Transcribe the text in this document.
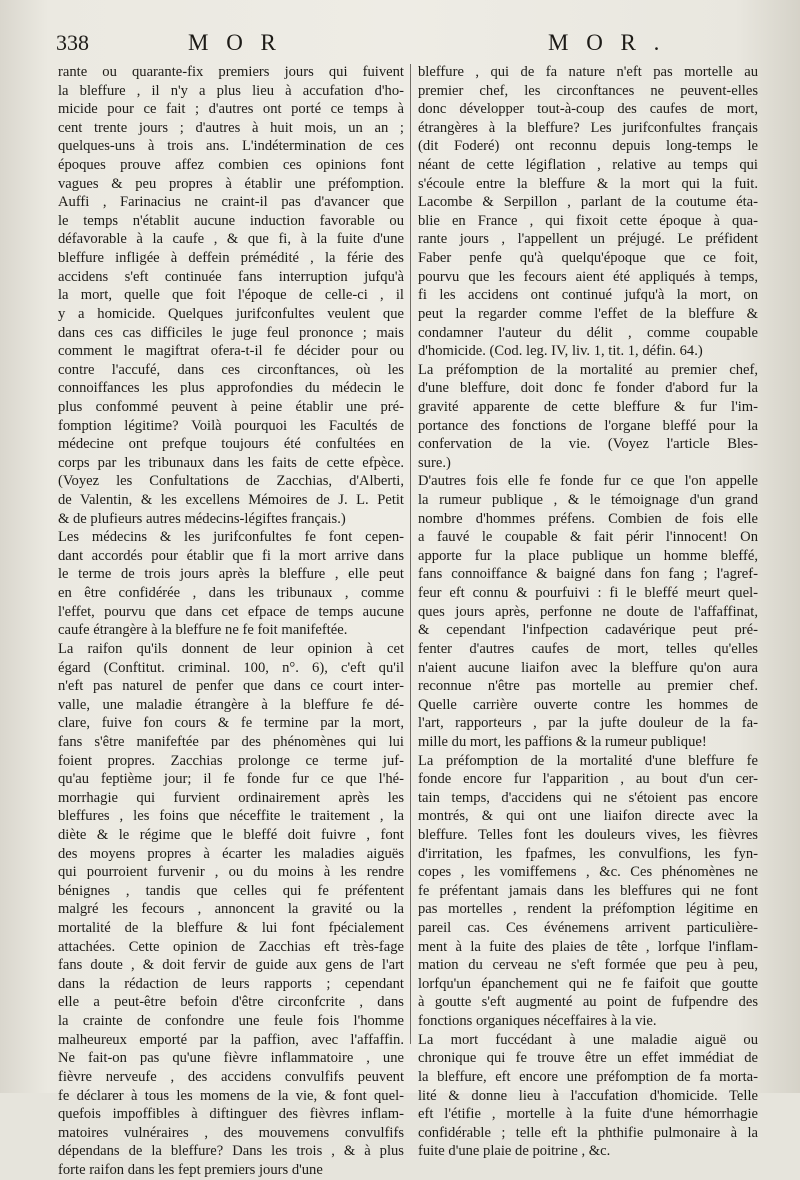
338	M O R	M O R .
rante ou quarante-fix premiers jours qui fuivent
la bleffure , il n'y a plus lieu à accufation d'ho-
micide pour ce fait ; d'autres ont porté ce temps à
cent trente jours ; d'autres à huit mois, un an ;
quelques-uns à trois ans. L'indétermination de ces
époques prouve affez combien ces opinions font
vagues & peu propres à établir une préfomption.
Auffi , Farinacius ne craint-il pas d'avancer que
le temps n'établit aucune induction favorable ou
défavorable à la caufe , & que fi, à la fuite d'une
bleffure infligée à deffein prémédité , la férie des
accidens s'eft continuée fans interruption jufqu'à
la mort, quelle que foit l'époque de celle-ci , il
y a homicide. Quelques jurifconfultes veulent que
dans ces cas difficiles le juge feul prononce ; mais
comment le magiftrat ofera-t-il fe décider pour ou
contre l'accufé, dans ces circonftances, où les
connoiffances les plus approfondies du médecin le
plus confommé peuvent à peine établir une pré-
fomption légitime? Voilà pourquoi les Facultés de
médecine ont prefque toujours été confultées en
corps par les tribunaux dans les faits de cette efpèce.
(Voyez les Confultations de Zacchias, d'Alberti,
de Valentin, & les excellens Mémoires de J. L. Petit
& de plufieurs autres médecins-légiftes français.)
Les médecins & les jurifconfultes fe font cepen-
dant accordés pour établir que fi la mort arrive dans
le terme de trois jours après la bleffure , elle peut
en être confidérée , dans les tribunaux , comme
l'effet, pourvu que dans cet efpace de temps aucune
caufe étrangère à la bleffure ne fe foit manifeftée.
La raifon qu'ils donnent de leur opinion à cet
égard (Conftitut. criminal. 100, n°. 6), c'eft qu'il
n'eft pas naturel de penfer que dans ce court inter-
valle, une maladie étrangère à la bleffure fe dé-
clare, fuive fon cours & fe termine par la mort,
fans s'être manifeftée par des phénomènes qui lui
foient propres. Zacchias prolonge ce terme juf-
qu'au feptième jour; il fe fonde fur ce que l'hé-
morrhagie qui furvient ordinairement après les
bleffures , les foins que néceffite le traitement , la
diète & le régime que le bleffé doit fuivre , font
des moyens propres à écarter les maladies aiguës
qui pourroient furvenir , ou du moins à les rendre
bénignes , tandis que celles qui fe préfentent
malgré les fecours , annoncent la gravité ou la
mortalité de la bleffure & lui font fpécialement
attachées. Cette opinion de Zacchias eft très-fage
fans doute , & doit fervir de guide aux gens de l'art
dans la rédaction de leurs rapports ; cependant
elle a peut-être befoin d'être circonfcrite , dans
la crainte de confondre une feule fois l'homme
malheureux emporté par la paffion, avec l'affaffin.
Ne fait-on pas qu'une fièvre inflammatoire , une
fièvre nerveufe , des accidens convulfifs peuvent
fe déclarer à tous les momens de la vie, & font quel-
quefois impoffibles à diftinguer des fièvres inflam-
matoires vulnéraires , des mouvemens convulfifs
dépendans de la bleffure? Dans les trois , & à plus
forte raifon dans les fept premiers jours d'une
bleffure , qui de fa nature n'eft pas mortelle au
premier chef, les circonftances ne peuvent-elles
donc développer tout-à-coup des caufes de mort,
étrangères à la bleffure? Les jurifconfultes français
(dit Foderé) ont reconnu depuis long-temps le
néant de cette légiflation , relative au temps qui
s'écoule entre la bleffure & la mort qui la fuit.
Lacombe & Serpillon , parlant de la coutume éta-
blie en France , qui fixoit cette époque à qua-
rante jours , l'appellent un préjugé. Le préfident
Faber penfe qu'à quelqu'époque que ce foit,
pourvu que les fecours aient été appliqués à temps,
fi les accidens ont continué jufqu'à la mort, on
peut la regarder comme l'effet de la bleffure &
condamner l'auteur du délit , comme coupable
d'homicide. (Cod. leg. IV, liv. 1, tit. 1, défin. 64.)
La préfomption de la mortalité au premier chef,
d'une bleffure, doit donc fe fonder d'abord fur la
gravité apparente de cette bleffure & fur l'im-
portance des fonctions de l'organe bleffé pour la
confervation de la vie. (Voyez l'article Bles-
sure.)
D'autres fois elle fe fonde fur ce que l'on appelle
la rumeur publique , & le témoignage d'un grand
nombre d'hommes préfens. Combien de fois elle
a fauvé le coupable & fait périr l'innocent! On
apporte fur la place publique un homme bleffé,
fans connoiffance & baigné dans fon fang ; l'agref-
feur eft connu & pourfuivi : fi le bleffé meurt quel-
ques jours après, perfonne ne doute de l'affaffinat,
& cependant l'infpection cadavérique peut pré-
fenter d'autres caufes de mort, telles qu'elles
n'aient aucune liaifon avec la bleffure qu'on aura
reconnue n'être pas mortelle au premier chef.
Quelle carrière ouverte contre les hommes de
l'art, rapporteurs , par la jufte douleur de la fa-
mille du mort, les paffions & la rumeur publique!
La préfomption de la mortalité d'une bleffure fe
fonde encore fur l'apparition , au bout d'un cer-
tain temps, d'accidens qui ne s'étoient pas encore
montrés, & qui ont une liaifon directe avec la
bleffure. Telles font les douleurs vives, les fièvres
d'irritation, les fpafmes, les convulfions, les fyn-
copes , les vomiffemens , &c. Ces phénomènes ne
fe préfentant jamais dans les bleffures qui ne font
pas mortelles , rendent la préfomption légitime en
pareil cas. Ces événemens arrivent particulière-
ment à la fuite des plaies de tête , lorfque l'inflam-
mation du cerveau ne s'eft formée que peu à peu,
lorfqu'un épanchement qui ne fe faifoit que goutte
à goutte s'eft augmenté au point de fufpendre des
fonctions organiques néceffaires à la vie.
La mort fuccédant à une maladie aiguë ou
chronique qui fe trouve être un effet immédiat de
la bleffure, eft encore une préfomption de fa morta-
lité & donne lieu à l'accufation d'homicide. Telle
eft l'étifie , mortelle à la fuite d'une hémorrhagie
confidérable ; telle eft la phthifie pulmonaire à la
fuite d'une plaie de poitrine , &c.
